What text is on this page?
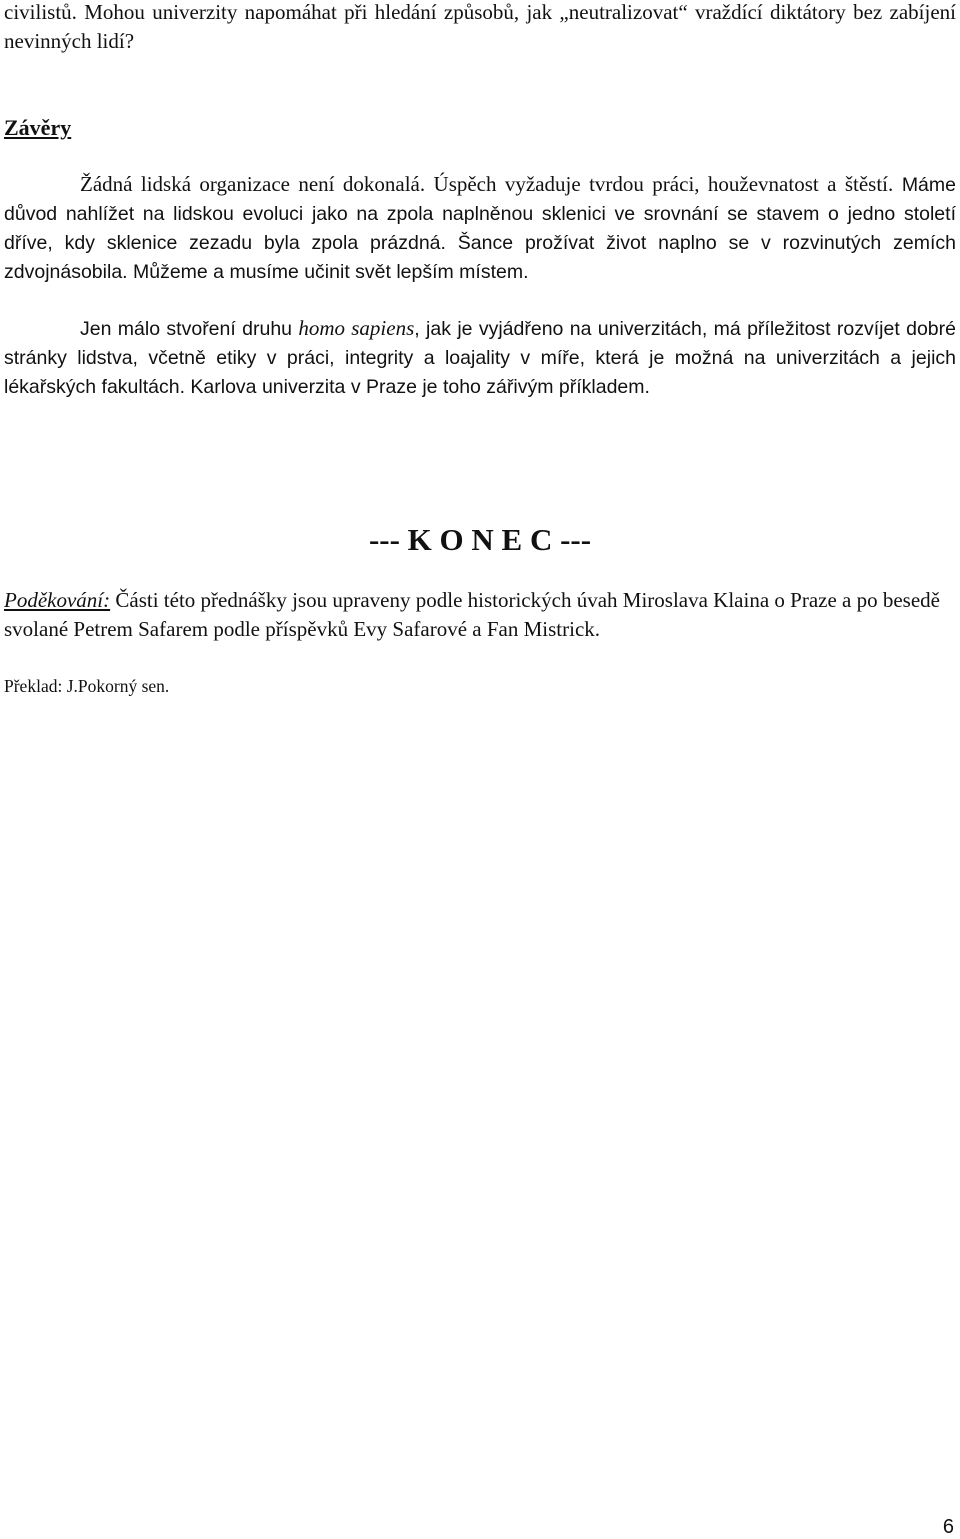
civilistů. Mohou univerzity napomáhat při hledání způsobů, jak „neutralizovat“ vraždící diktátory bez zabíjení nevinných lidí?

Závěry

Žádná lidská organizace není dokonalá. Úspěch vyžaduje tvrdou práci, houževnatost a štěstí. Máme důvod nahlížet na lidskou evoluci jako na zpola naplněnou sklenici ve srovnání se stavem o jedno století dříve, kdy sklenice zezadu byla zpola prázdná. Šance prožívat život naplno se v rozvinutých zemích zdvojnásobila. Můžeme a musíme učinit svět lepším místem.

Jen málo stvoření druhu homo sapiens, jak je vyjádřeno na univerzitách, má příležitost rozvíjet dobré stránky lidstva, včetně etiky v práci, integrity a loajality v míře, která je možná na univerzitách a jejich lékařských fakultách. Karlova univerzita v Praze je toho zářivým příkladem.

--- K O N E C ---

Poděkování: Části této přednášky jsou upraveny podle historických úvah Miroslava Klaina o Praze a po besedě svolané Petrem Safarem podle příspěvků Evy Safarové a Fan Mistrick.

Překlad: J.Pokorný sen.
6
